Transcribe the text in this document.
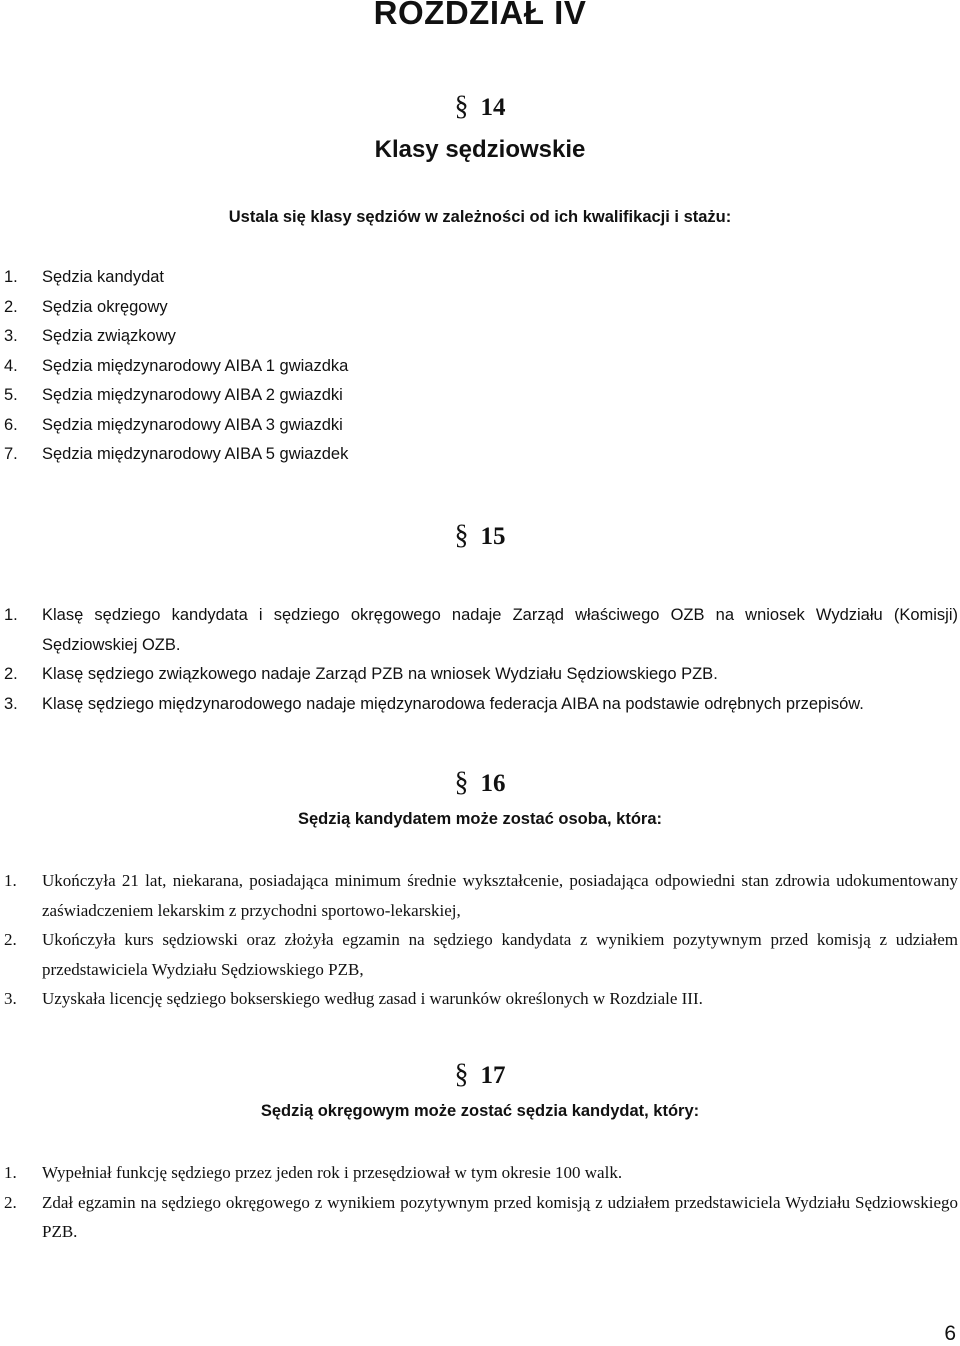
ROZDZIAŁ IV
§ 14
Klasy sędziowskie
Ustala się klasy sędziów w zależności od ich kwalifikacji i stażu:
1. Sędzia kandydat
2. Sędzia okręgowy
3. Sędzia związkowy
4. Sędzia międzynarodowy AIBA 1 gwiazdka
5. Sędzia międzynarodowy AIBA 2 gwiazdki
6. Sędzia międzynarodowy AIBA 3 gwiazdki
7. Sędzia międzynarodowy AIBA 5 gwiazdek
§ 15
1. Klasę sędziego kandydata i sędziego okręgowego nadaje Zarząd właściwego OZB na wniosek Wydziału (Komisji) Sędziowskiej OZB.
2. Klasę sędziego związkowego nadaje Zarząd PZB na wniosek Wydziału Sędziowskiego PZB.
3. Klasę sędziego międzynarodowego nadaje międzynarodowa federacja AIBA na podstawie odrębnych przepisów.
§ 16
Sędzią kandydatem może zostać osoba, która:
1. Ukończyła 21 lat, niekarana, posiadająca minimum średnie wykształcenie, posiadająca odpowiedni stan zdrowia udokumentowany zaświadczeniem lekarskim z przychodni sportowo-lekarskiej,
2. Ukończyła kurs sędziowski oraz złożyła egzamin na sędziego kandydata z wynikiem pozytywnym przed komisją z udziałem przedstawiciela Wydziału Sędziowskiego PZB,
3. Uzyskała licencję sędziego bokserskiego według zasad i warunków określonych w Rozdziale III.
§ 17
Sędzią okręgowym może zostać sędzia kandydat, który:
1. Wypełniał funkcję sędziego przez jeden rok i przesędziował w tym okresie 100 walk.
2. Zdał egzamin na sędziego okręgowego z wynikiem pozytywnym przed komisją z udziałem przedstawiciela Wydziału Sędziowskiego PZB.
6
